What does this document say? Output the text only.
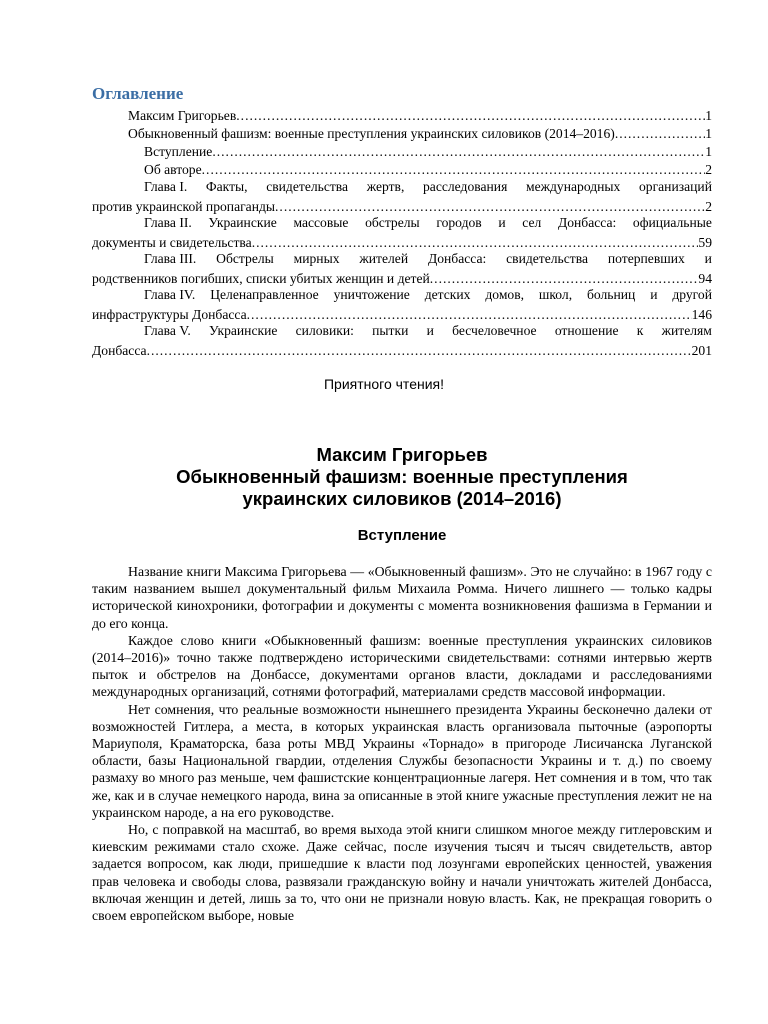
Оглавление
Максим Григорьев .....	1
Обыкновенный фашизм: военные преступления украинских силовиков (2014–2016) .....	1
Вступление .....	1
Об авторе .....	2
Глава I. Факты, свидетельства жертв, расследования международных организаций
против украинской пропаганды .....	2
Глава II. Украинские массовые обстрелы городов и сел Донбасса: официальные
документы и свидетельства .....	59
Глава III. Обстрелы мирных жителей Донбасса: свидетельства потерпевших и
родственников погибших, списки убитых женщин и детей .....	94
Глава IV. Целенаправленное уничтожение детских домов, школ, больниц и другой
инфраструктуры Донбасса .....	146
Глава V. Украинские силовики: пытки и бесчеловечное отношение к жителям
Донбасса .....	201
Приятного чтения!
Максим Григорьев
Обыкновенный фашизм: военные преступления
украинских силовиков (2014–2016)
Вступление

Название книги Максима Григорьева — «Обыкновенный фашизм». Это не случайно: в 1967 году с таким названием вышел документальный фильм Михаила Ромма. Ничего лишнего — только кадры исторической кинохроники, фотографии и документы с момента возникновения фашизма в Германии и до его конца.

Каждое слово книги «Обыкновенный фашизм: военные преступления украинских силовиков (2014–2016)» точно также подтверждено историческими свидетельствами: сотнями интервью жертв пыток и обстрелов на Донбассе, документами органов власти, докладами и расследованиями международных организаций, сотнями фотографий, материалами средств массовой информации.

Нет сомнения, что реальные возможности нынешнего президента Украины бесконечно далеки от возможностей Гитлера, а места, в которых украинская власть организовала пыточные (аэропорты Мариуполя, Краматорска, база роты МВД Украины «Торнадо» в пригороде Лисичанска Луганской области, базы Национальной гвардии, отделения Службы безопасности Украины и т. д.) по своему размаху во много раз меньше, чем фашистские концентрационные лагеря. Нет сомнения и в том, что так же, как и в случае немецкого народа, вина за описанные в этой книге ужасные преступления лежит не на украинском народе, а на его руководстве.

Но, с поправкой на масштаб, во время выхода этой книги слишком многое между гитлеровским и киевским режимами стало схоже. Даже сейчас, после изучения тысяч и тысяч свидетельств, автор задается вопросом, как люди, пришедшие к власти под лозунгами европейских ценностей, уважения прав человека и свободы слова, развязали гражданскую войну и начали уничтожать жителей Донбасса, включая женщин и детей, лишь за то, что они не признали новую власть. Как, не прекращая говорить о своем европейском выборе, новые
